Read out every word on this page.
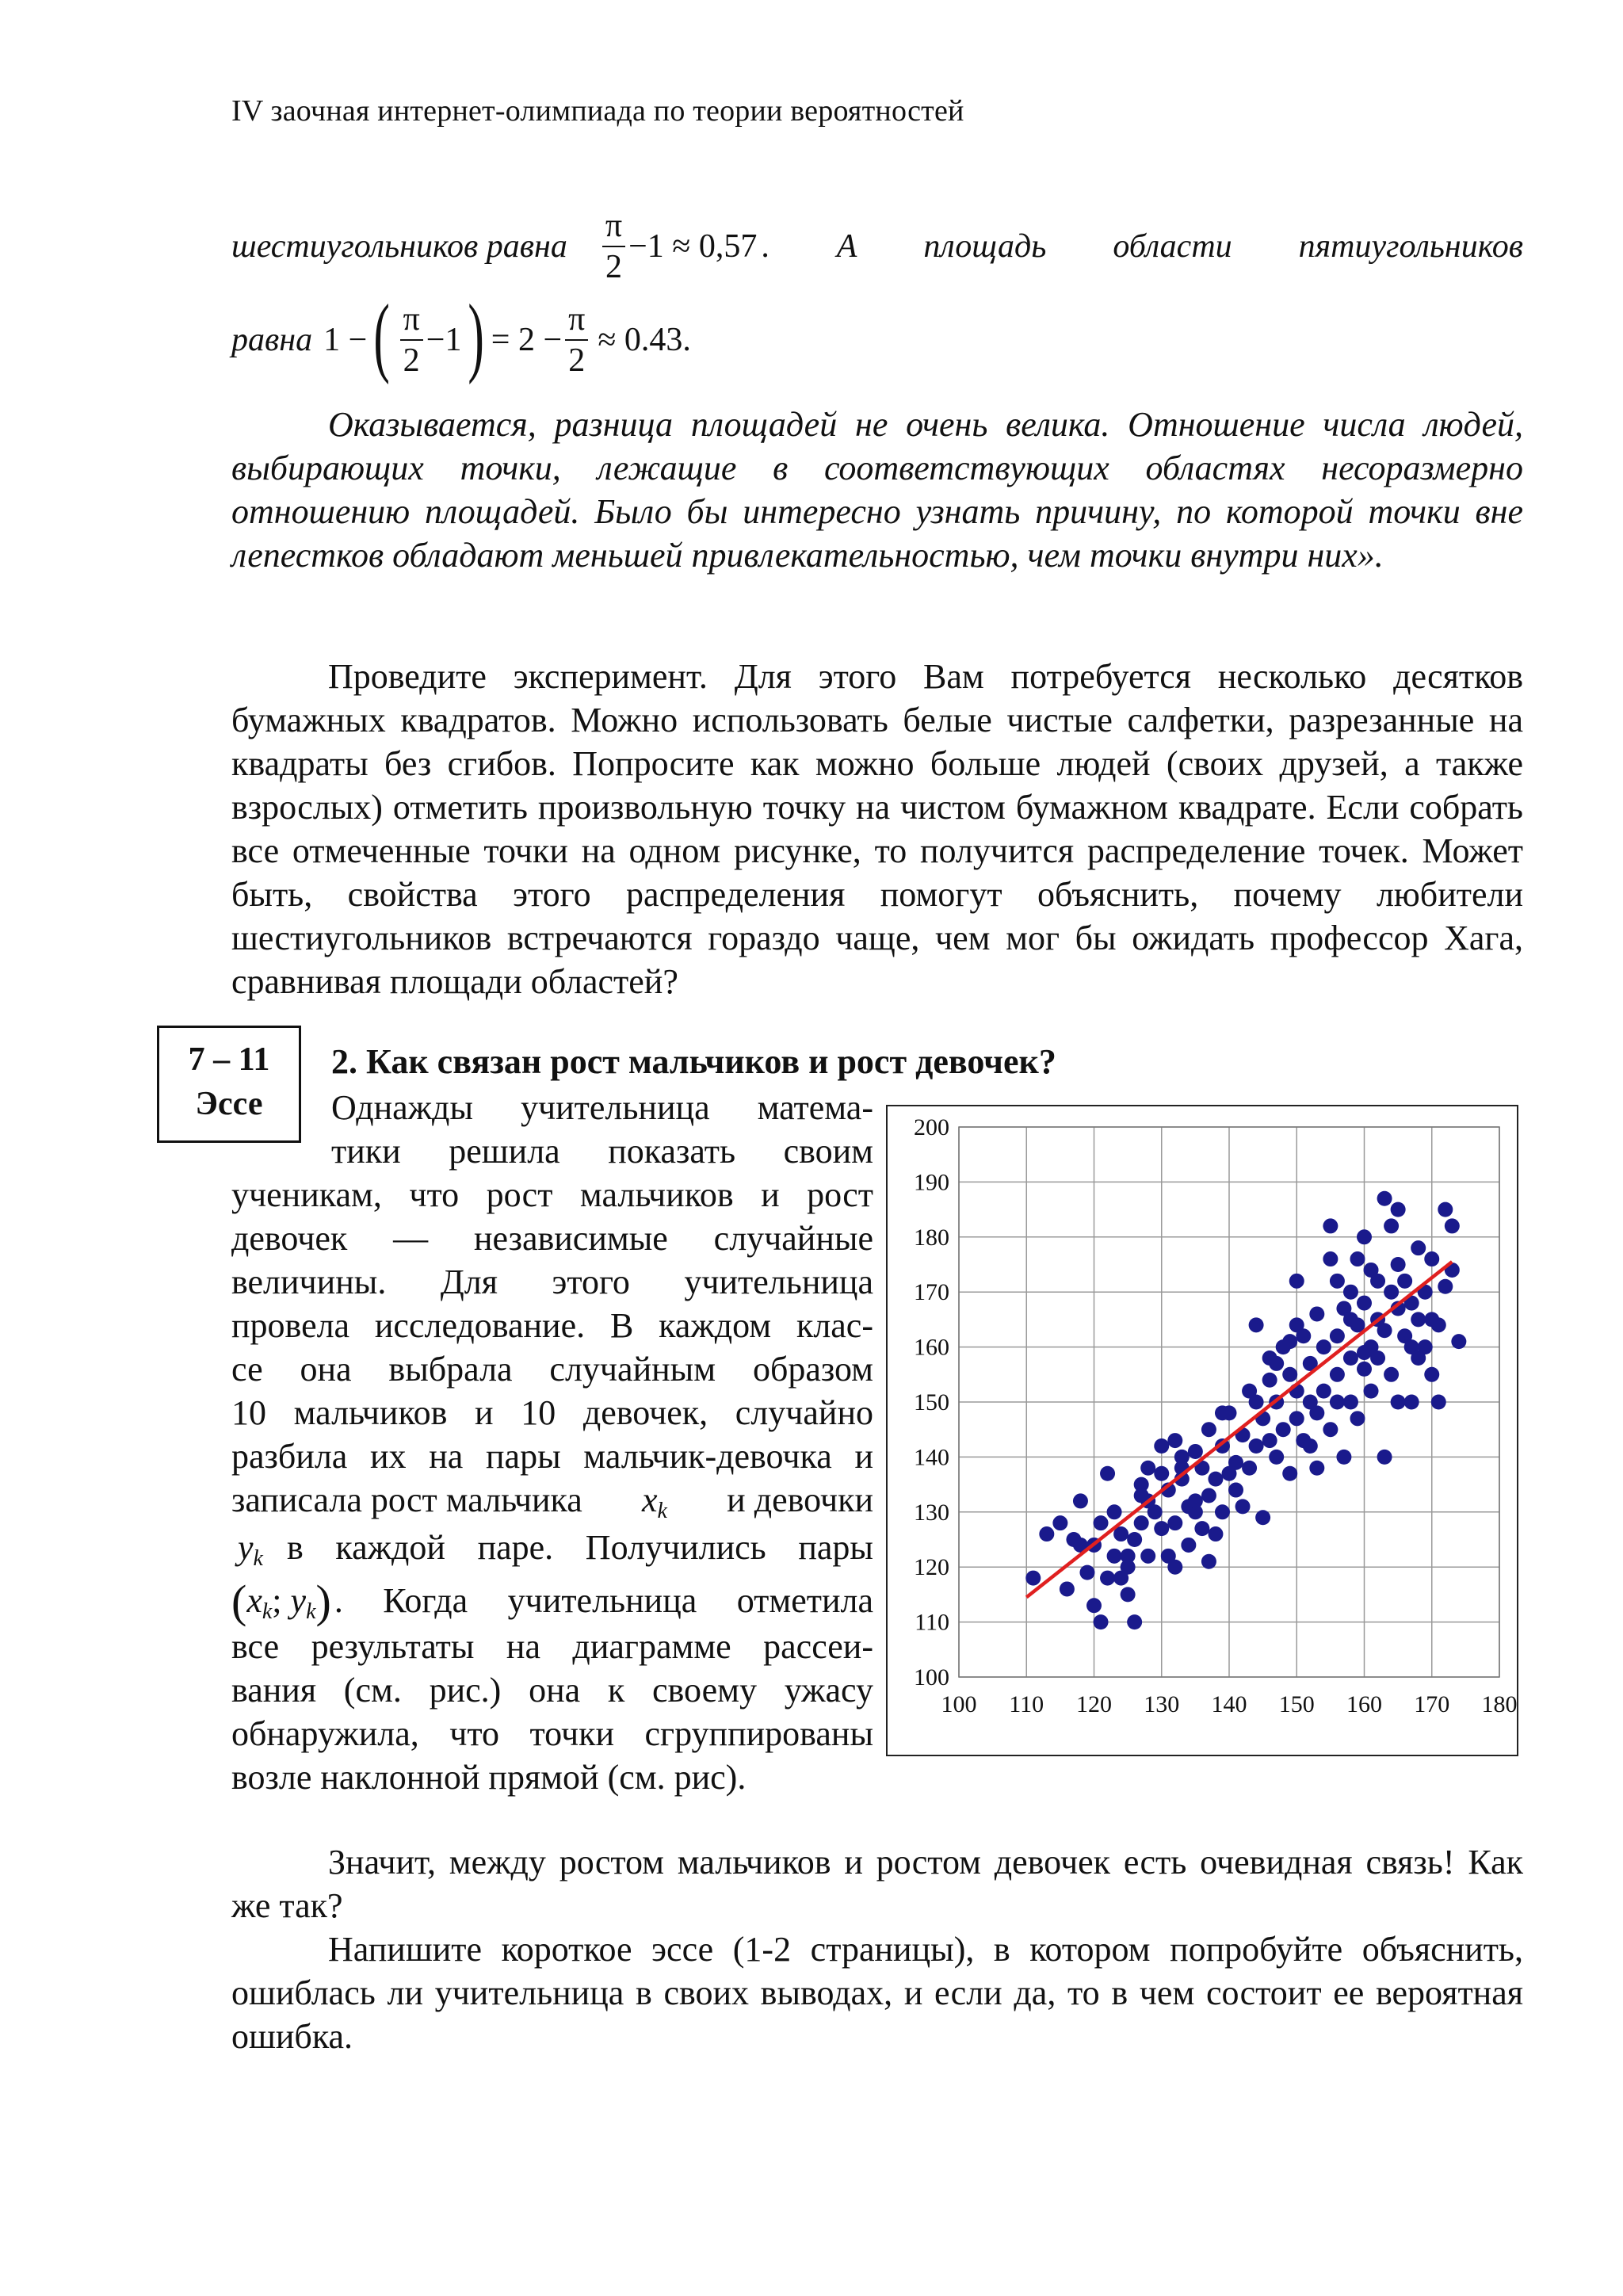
IV заочная интернет-олимпиада по теории вероятностей
шестиугольников равна $\frac{\pi}{2} -1 \approx 0,57$ . А площадь области пятиугольников
равна 1 − ( $\frac{\pi}{2} -1$ ) = $2 - \frac{\pi}{2} \approx 0.43$.
Оказывается, разница площадей не очень велика. Отношение числа людей, выбирающих точки, лежащие в соответствующих областях несоразмерно отношению площадей. Было бы интересно узнать причину, по которой точки вне лепестков обладают меньшей привлекательностью, чем точки внутри них».
Проведите эксперимент. Для этого Вам потребуется несколько десятков бумажных квадратов. Можно использовать белые чистые салфетки, разрезанные на квадраты без сгибов. Попросите как можно больше людей (своих друзей, а также взрослых) отметить произвольную точку на чистом бумажном квадрате. Если собрать все отмеченные точки на одном рисунке, то получится распределение точек. Может быть, свойства этого распределения помогут объяснить, почему любители шестиугольников встречаются гораздо чаще, чем мог бы ожидать профессор Хага, сравнивая площади областей?
7 – 11
Эссе
2. Как связан рост мальчиков и рост девочек?
Однажды учительница матема-
тики решила показать своим
ученикам, что рост мальчиков и рост
девочек — независимые случайные
величины. Для этого учительница
провела исследование. В каждом клас-
се она выбрала случайным образом
10 мальчиков и 10 девочек, случайно
разбила их на пары мальчик-девочка и
записала рост мальчика $x_k$ и девочки
$y_k$ в каждой паре. Получились пары
($x_k$; $y_k$) . Когда учительница отметила
все результаты на диаграмме рассеи-
вания (см. рис.) она к своему ужасу
обнаружила, что точки сгруппированы
возле наклонной прямой (см. рис).
100
110
120
130
140
150
160
170
180
190
200
100 110 120 130 140 150 160 170 180
Значит, между ростом мальчиков и ростом девочек есть очевидная связь! Как же так?
Напишите короткое эссе (1-2 страницы), в котором попробуйте объяснить, ошиблась ли учительница в своих выводах, и если да, то в чем состоит ее вероятная ошибка.
